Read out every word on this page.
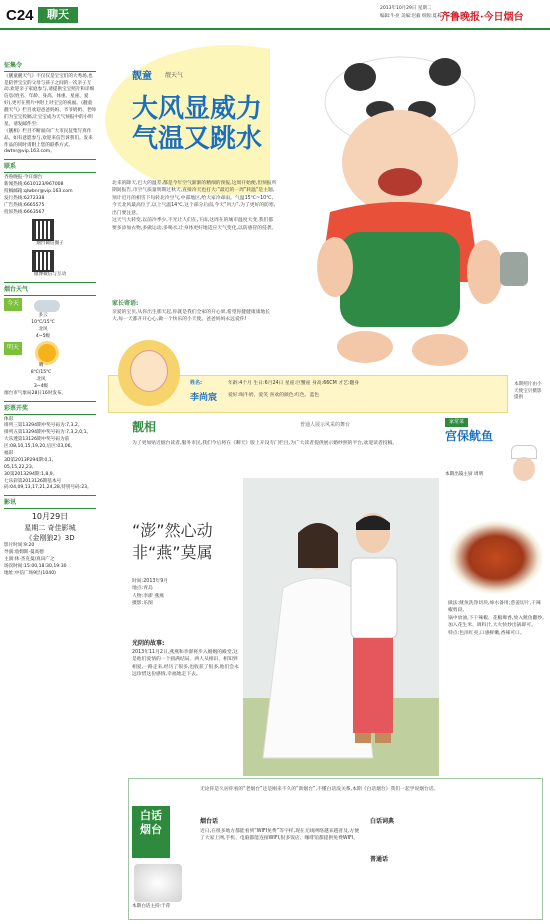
C24	聊天	2013年10月29日 星期二
编辑:牛亮 美编:迟毅 组版:夏莉
齐鲁晚报·今日烟台
征集令
《靓童靓天气》不仅仅是宝宝们的大秀场,也是陪伴宝宝的父母与孩子之间的一次亲子互动,欢迎亲子家庭参与,请提供宝宝照片和详细信息(姓名、年龄、身高、体重、星座、爱好),更可在照片中附上对宝宝的祝福。《靓童靓天气》栏目欢迎爸爸妈妈、爷爷奶奶、老师们为宝宝投稿,让宝宝成为天气预报中的小明星。请发邮件至:
《靓相》栏目不断面向广大市民征集写真作品。如有意愿参与,欢迎来信告诉我们。发来作品的同时请附上您的联系方式。
dwtnr@vip.163.com。
联系
齐鲁晚报·今日烟台
新闻热线:6610123/967008
投稿邮箱:qlwbnr@vip.163.com
发行热线:6272338
广告热线:6665575
投诉热线:6663567
烟台微信圈子
微博微信与互动
烟台天气
今天
多云
10℃/15℃
北风
4~5级
明天
晴
8℃/15℃
北风
3~4级
烟台市气象局28日16时发布。
彩票开奖
体彩
排列三第13294期中奖号码为:7,3,2。
排列五第13294期中奖号码为:7,3,2,0,1。
大乐透第13126期中奖号码为前区:08,10,15,19,20,后区:03,06。
福彩
3D第2013P294期:0,1,
05,15,22,23,
30第2013294期:1,8,9。
七乐彩第2013126期基本号码:04,09,13,17,21,24,28,特别号码:23。
影讯
10月29日
星期二 奇佳影城
《金刚狼2》3D
影片时间:9:20
导演:詹姆斯·曼高德
主演:休·杰克曼/真田广之
场次时间:15:00,18:30,19:30
地址:中信广场9层(1040)
靓童 靓天气
大风显威力
气温又跳水
北来的降天,巴大的温差,都是今年空气渐渐的精细的预报,这周开始便,但预报所期间报告,市空气质量明期过秋天,直接冷天也打大:“最近的一周”转温“是主题,预计近月的相雪下旬转北冷空气,中部地区,给大家冷却雨。气温15℃~10℃,今天北风最高位于,以上气温14℃,这个部分后面,今天“风力”,为了更好的防寒,出门要注意。
这天气大转变,以前冷季少,不光让人们在,下雨,这周在的城市温度大变,我们都要多添加衣物,多做运动,多喝水,让身体更好地适应天气变化,以防感冒的侵袭。
家长寄语:
亲爱的宝贝,从你出生那天起,你就是我们全家的开心果,希望你健健康康地长大,每一天都开开心心,做一个快乐的小天使。爸爸妈妈永远爱你!
姓名:
李尚宸
年龄:4个月 生日:6月24日 星座:巨蟹座 身高:66CM 才艺:翻身
爱好:喝牛奶、爱笑 喜欢的颜色:红色、蓝色
本期照片由小天使宝贝摄影提供
靓相	普通人展示风采的舞台
为了更加贴近烟台读者,服务市民,我们今后将在《聊天》版上开设专门栏目,为广大读者提供展示婚纱照的平台,欢迎读者投稿。
“澎”然心动
非“燕”莫属
时间:2013年9月
地点:青岛
人物:李澎 燕燕
摄影:乐图
光阴的故事:
2013年11月2日,燕燕和李澎将步入婚姻的殿堂,这是他们爱情的一个圆满结局。两人从相识、相知到相爱,一路走来,经历了很多,也收获了很多,他们会永远珍惜这份感情,幸福地走下去。
家常菜
宫保鱿鱼
本期出镜主厨 周明
做法:鱿鱼洗净切块,焯水备用;葱姜切片,干辣椒剪段。
锅中放油,下干辣椒、花椒爆香,放入鱿鱼翻炒,加入花生米、调料汁,大火快炒出锅即可。
特点:色泽红亮,口感鲜嫩,香辣可口。
白话
烟台
本期白话主持:于萍
无论你是久居你看的“老烟台”还是刚来不久的“新烟台”,不懂白话没关系,本期《白话烟台》我们一起学说烟台话。
烟台话
近日,在很多地方都能看到“WIFI免费”等字样,现在无线网络越来越普及,方便了大家上网,手机、电脑都能连接WIFI,很多饭店、咖啡馆都提供免费WIFI。
白话词典
普通话
